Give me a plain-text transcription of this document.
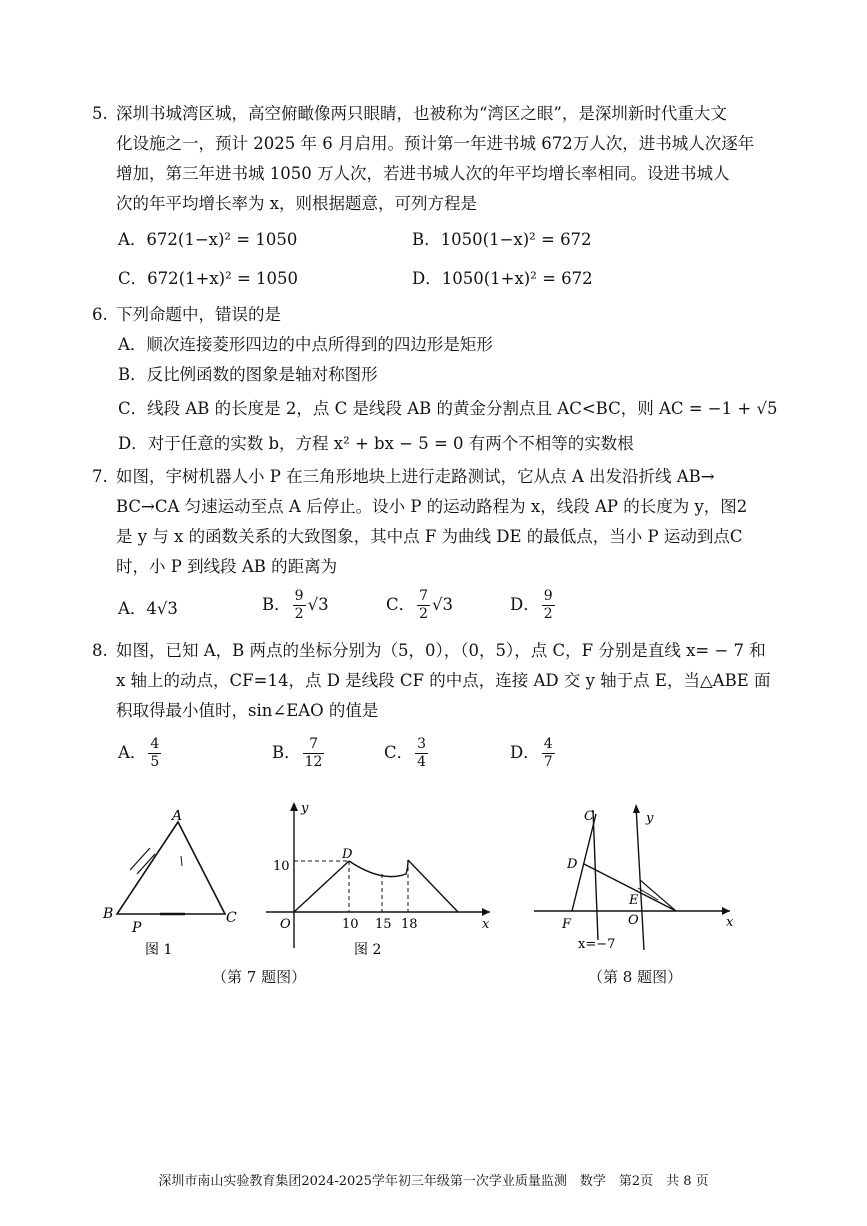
5. 深圳书城湾区城，高空俯瞰像两只眼睛，也被称为“湾区之眼”，是深圳新时代重大文
化设施之一，预计 2025 年 6 月启用。预计第一年进书城 672万人次，进书城人次逐年
增加，第三年进书城 1050 万人次，若进书城人次的年平均增长率相同。设进书城人
次的年平均增长率为 x，则根据题意，可列方程是
A．672(1−x)² = 1050	B．1050(1−x)² = 672
C．672(1+x)² = 1050	D．1050(1+x)² = 672
6. 下列命题中，错误的是
A．顺次连接菱形四边的中点所得到的四边形是矩形
B．反比例函数的图象是轴对称图形
C．线段 AB 的长度是 2，点 C 是线段 AB 的黄金分割点且 AC<BC，则 AC = −1 + √5
D．对于任意的实数 b，方程 x² + bx − 5 = 0 有两个不相等的实数根
7. 如图，宇树机器人小 P 在三角形地块上进行走路测试，它从点 A 出发沿折线 AB→
BC→CA 匀速运动至点 A 后停止。设小 P 的运动路程为 x，线段 AP 的长度为 y，图2
是 y 与 x 的函数关系的大致图象，其中点 F 为曲线 DE 的最低点，当小 P 运动到点C
时，小 P 到线段 AB 的距离为
A．4√3	B． $\frac{9}{2} √3$	C． $\frac{7}{2} √3$	D． $\frac{9}{2}$
8. 如图，已知 A，B 两点的坐标分别为（5，0），（0，5），点 C，F 分别是直线 x= − 7 和
x 轴上的动点，CF=14，点 D 是线段 CF 的中点，连接 AD 交 y 轴于点 E，当△ABE 面
积取得最小值时，sin∠EAO 的值是
A． $\frac{4}{5}$	B． $\frac{7}{12}$	C． $\frac{3}{4}$	D． $\frac{4}{7}$
A
B	C
P
图 1
y
x
O
D
10
10 15 18
图 2
（第 7 题图）
C	y
D
E
F	O	x
x=−7
（第 8 题图）
深圳市南山实验教育集团2024-2025学年初三年级第一次学业质量监测　数学　第2页　共 8 页
